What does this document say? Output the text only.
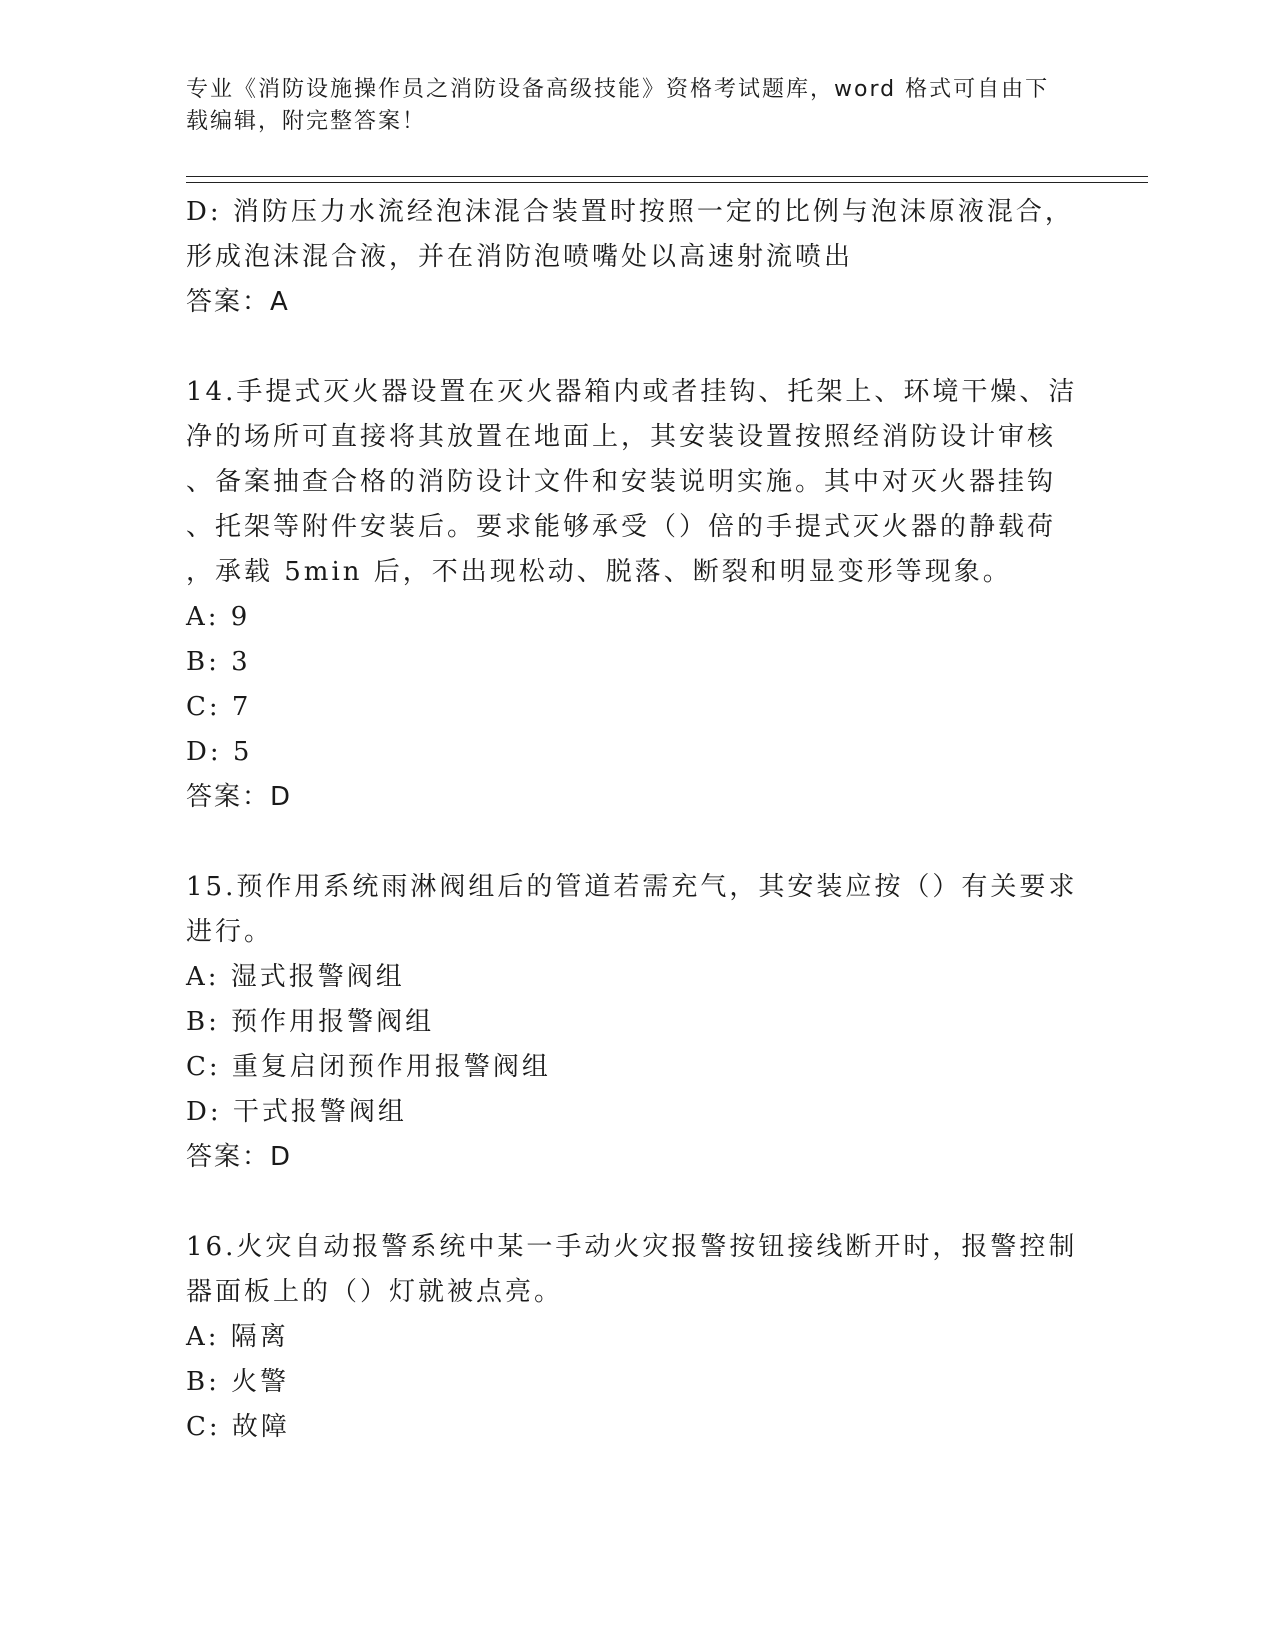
专业《消防设施操作员之消防设备高级技能》资格考试题库，word 格式可自由下
载编辑，附完整答案！
D: 消防压力水流经泡沫混合装置时按照一定的比例与泡沫原液混合，
形成泡沫混合液，并在消防泡喷嘴处以高速射流喷出
答案：A
14.手提式灭火器设置在灭火器箱内或者挂钩、托架上、环境干燥、洁
净的场所可直接将其放置在地面上，其安装设置按照经消防设计审核
、备案抽查合格的消防设计文件和安装说明实施。其中对灭火器挂钩
、托架等附件安装后。要求能够承受（）倍的手提式灭火器的静载荷
，承载 5min 后，不出现松动、脱落、断裂和明显变形等现象。
A: 9
B: 3
C: 7
D: 5
答案：D
15.预作用系统雨淋阀组后的管道若需充气，其安装应按（）有关要求
进行。
A: 湿式报警阀组
B: 预作用报警阀组
C: 重复启闭预作用报警阀组
D: 干式报警阀组
答案：D
16.火灾自动报警系统中某一手动火灾报警按钮接线断开时，报警控制
器面板上的（）灯就被点亮。
A: 隔离
B: 火警
C: 故障
